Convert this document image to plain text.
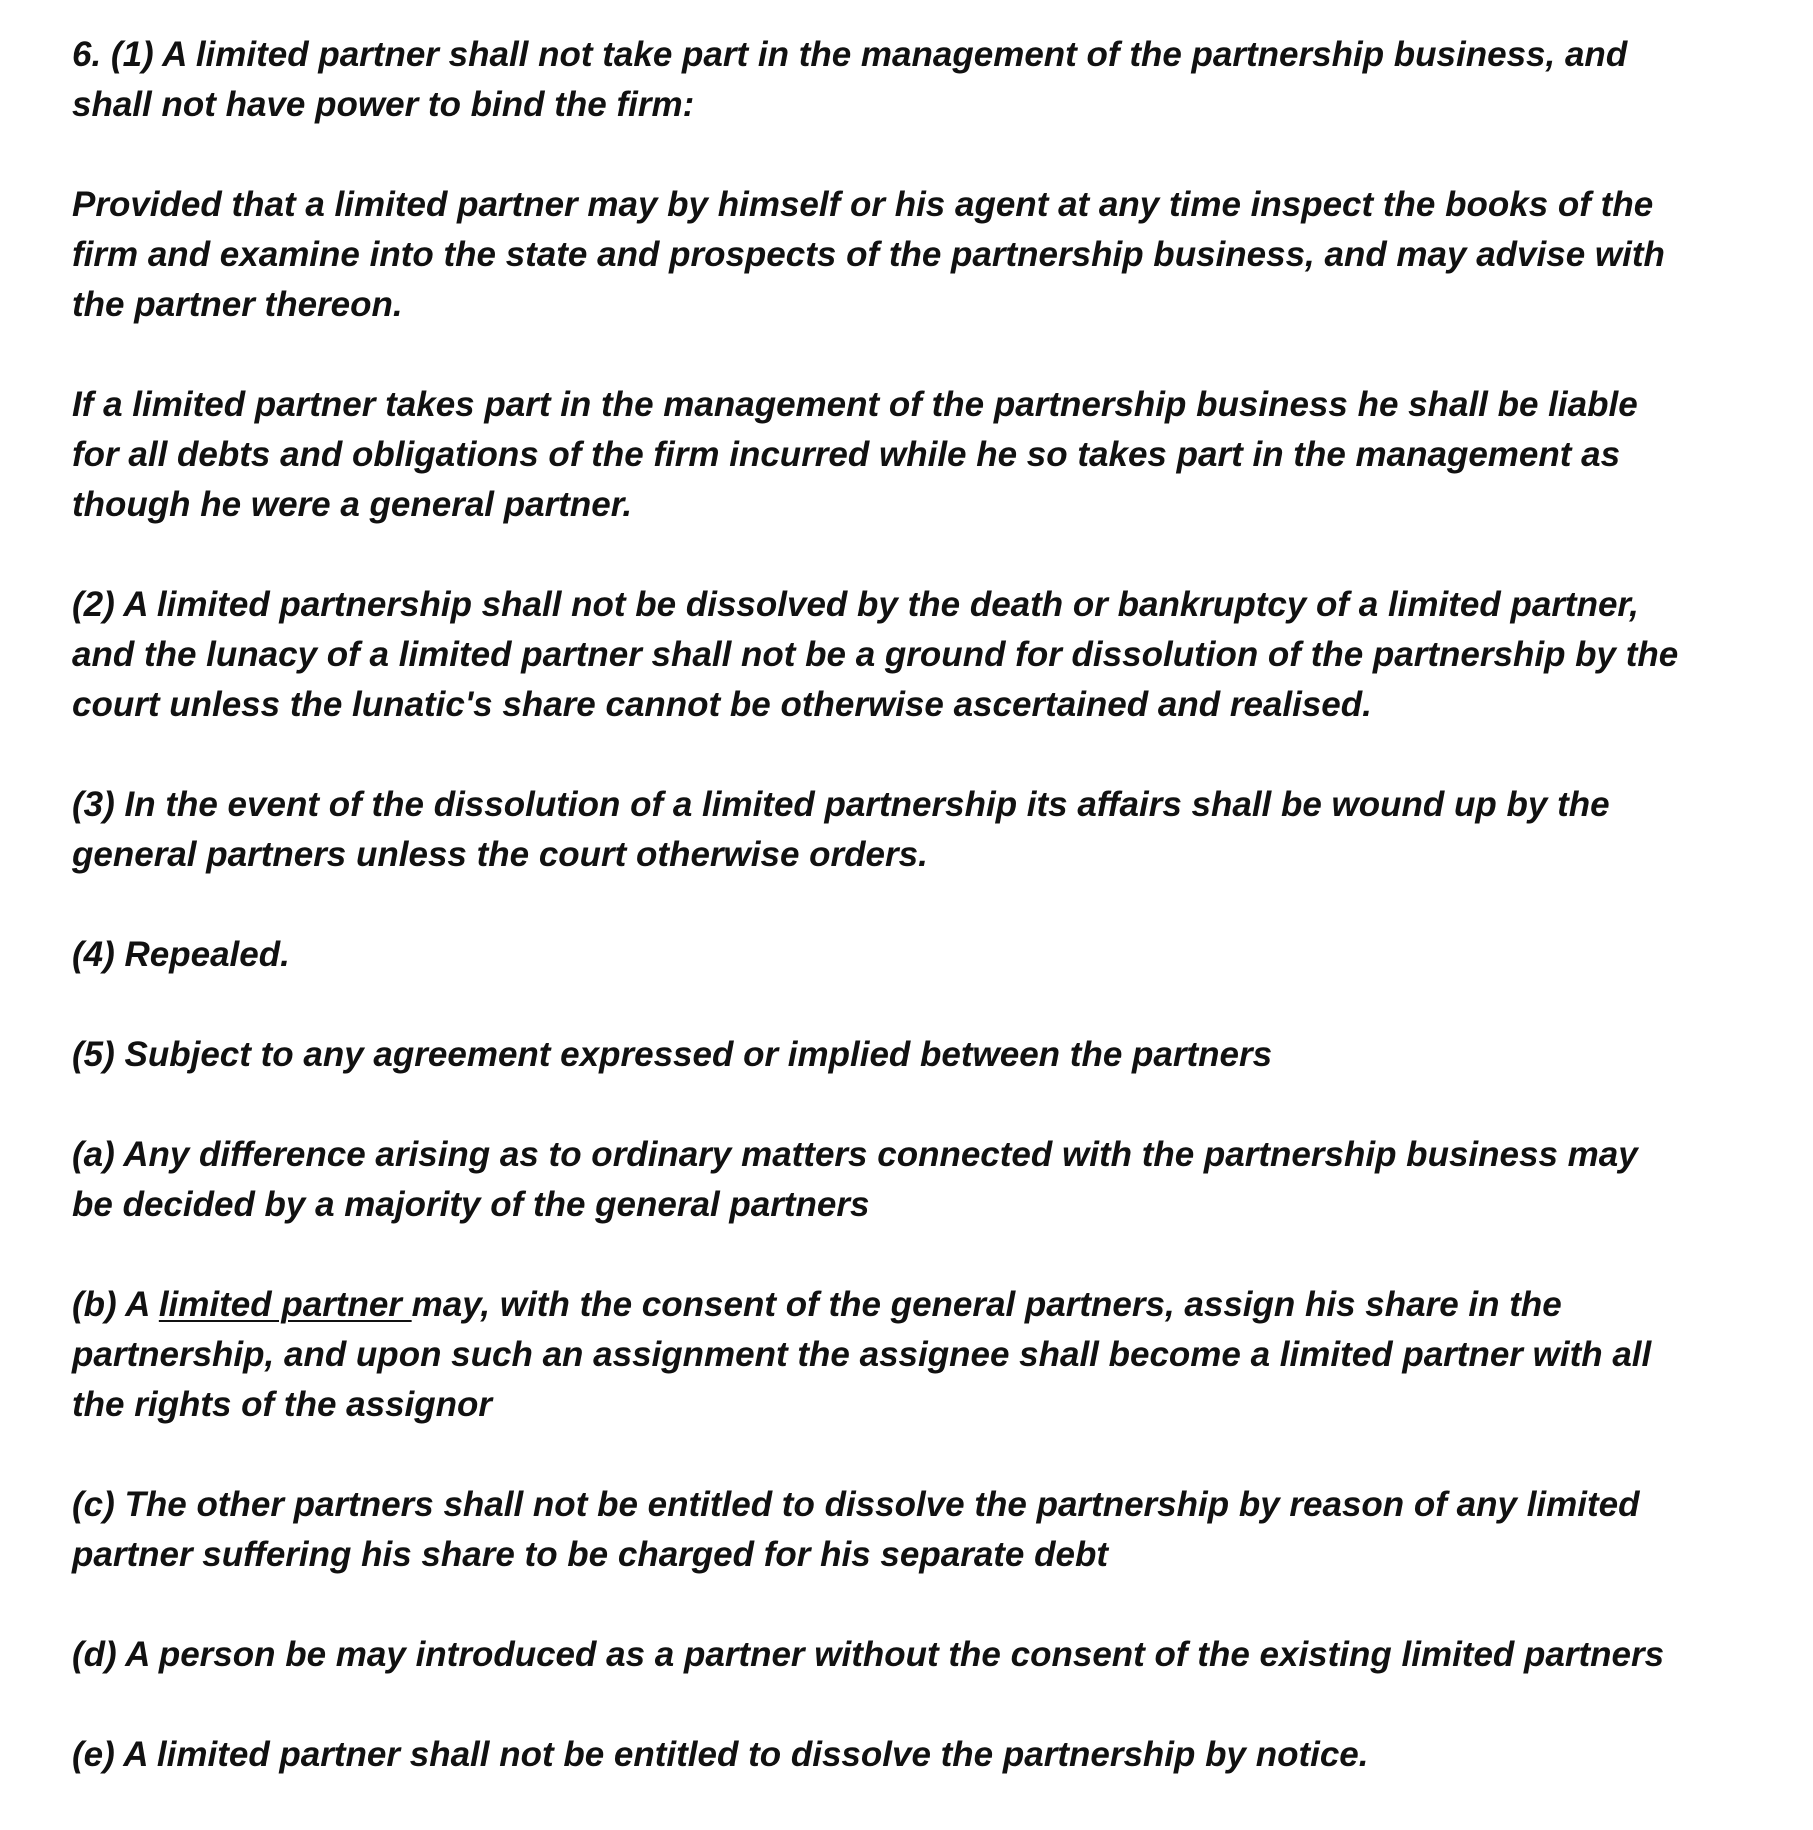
6. (1) A limited partner shall not take part in the management of the partnership business, and
shall not have power to bind the firm:

Provided that a limited partner may by himself or his agent at any time inspect the books of the
firm and examine into the state and prospects of the partnership business, and may advise with
the partner thereon.

If a limited partner takes part in the management of the partnership business he shall be liable
for all debts and obligations of the firm incurred while he so takes part in the management as
though he were a general partner.

(2) A limited partnership shall not be dissolved by the death or bankruptcy of a limited partner,
and the lunacy of a limited partner shall not be a ground for dissolution of the partnership by the
court unless the lunatic's share cannot be otherwise ascertained and realised.

(3) In the event of the dissolution of a limited partnership its affairs shall be wound up by the
general partners unless the court otherwise orders.

(4) Repealed.

(5) Subject to any agreement expressed or implied between the partners

(a) Any difference arising as to ordinary matters connected with the partnership business may
be decided by a majority of the general partners

(b) A limited partner may, with the consent of the general partners, assign his share in the
partnership, and upon such an assignment the assignee shall become a limited partner with all
the rights of the assignor

(c) The other partners shall not be entitled to dissolve the partnership by reason of any limited
partner suffering his share to be charged for his separate debt

(d) A person be may introduced as a partner without the consent of the existing limited partners

(e) A limited partner shall not be entitled to dissolve the partnership by notice.
